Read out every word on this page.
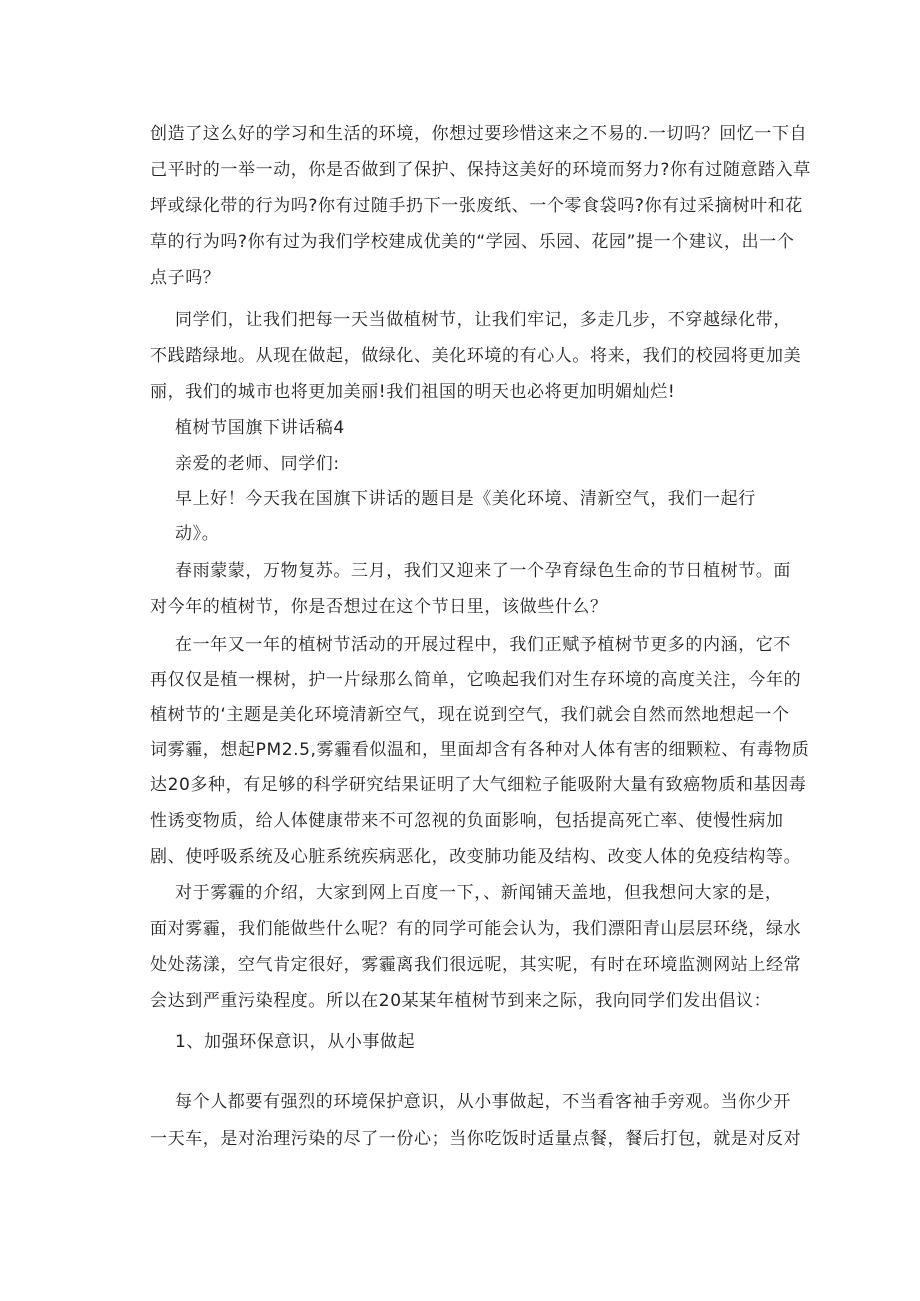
创造了这么好的学习和生活的环境，你想过要珍惜这来之不易的.一切吗？回忆一下自
己平时的一举一动，你是否做到了保护、保持这美好的环境而努力?你有过随意踏入草
坪或绿化带的行为吗?你有过随手扔下一张废纸、一个零食袋吗?你有过采摘树叶和花
草的行为吗?你有过为我们学校建成优美的“学园、乐园、花园”提一个建议，出一个
点子吗？
同学们，让我们把每一天当做植树节，让我们牢记，多走几步，不穿越绿化带，
不践踏绿地。从现在做起，做绿化、美化环境的有心人。将来，我们的校园将更加美
丽，我们的城市也将更加美丽!我们祖国的明天也必将更加明媚灿烂!
植树节国旗下讲话稿4
亲爱的老师、同学们:
早上好！今天我在国旗下讲话的题目是《美化环境、清新空气，我们一起行
动》。
春雨蒙蒙，万物复苏。三月，我们又迎来了一个孕育绿色生命的节日植树节。面
对今年的植树节，你是否想过在这个节日里，该做些什么？
在一年又一年的植树节活动的开展过程中，我们正赋予植树节更多的内涵，它不
再仅仅是植一棵树，护一片绿那么简单，它唤起我们对生存环境的高度关注，今年的
植树节的‘主题是美化环境清新空气，现在说到空气，我们就会自然而然地想起一个
词雾霾，想起PM2.5,雾霾看似温和，里面却含有各种对人体有害的细颗粒、有毒物质
达20多种，有足够的科学研究结果证明了大气细粒子能吸附大量有致癌物质和基因毒
性诱变物质，给人体健康带来不可忽视的负面影响，包括提高死亡率、使慢性病加
剧、使呼吸系统及心脏系统疾病恶化，改变肺功能及结构、改变人体的免疫结构等。
对于雾霾的介绍，大家到网上百度一下，、新闻铺天盖地，但我想问大家的是，
面对雾霾，我们能做些什么呢？有的同学可能会认为，我们漂阳青山层层环绕，绿水
处处荡漾，空气肯定很好，雾霾离我们很远呢，其实呢，有时在环境监测网站上经常
会达到严重污染程度。所以在20某某年植树节到来之际，我向同学们发出倡议：
1、加强环保意识，从小事做起
每个人都要有强烈的环境保护意识，从小事做起，不当看客袖手旁观。当你少开
一天车，是对治理污染的尽了一份心；当你吃饭时适量点餐，餐后打包，就是对反对
